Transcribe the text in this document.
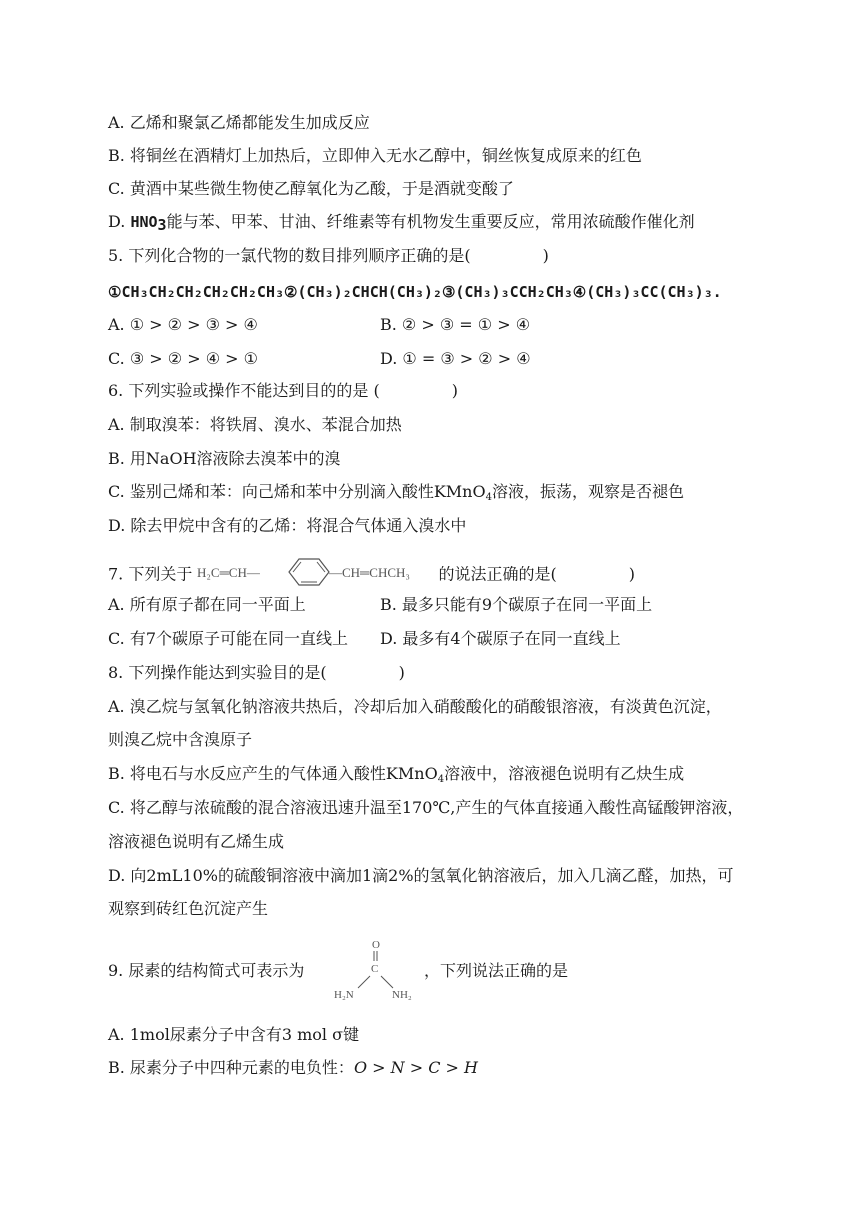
A. 乙烯和聚氯乙烯都能发生加成反应
B. 将铜丝在酒精灯上加热后，立即伸入无水乙醇中，铜丝恢复成原来的红色
C. 黄酒中某些微生物使乙醇氧化为乙酸，于是酒就变酸了
D. $HNO_3$能与苯、甲苯、甘油、纤维素等有机物发生重要反应，常用浓硫酸作催化剂
5. 下列化合物的一氯代物的数目排列顺序正确的是(	)
①CH₃CH₂CH₂CH₂CH₂CH₃②(CH₃)₂CHCH(CH₃)₂③(CH₃)₃CCH₂CH₃④(CH₃)₃CC(CH₃)₃.
A. ① > ② > ③ > ④	B. ② > ③ = ① > ④
C. ③ > ② > ④ > ①	D. ① = ③ > ② > ④
6. 下列实验或操作不能达到目的的是 (	)
A. 制取溴苯：将铁屑、溴水、苯混合加热
B. 用NaOH溶液除去溴苯中的溴
C. 鉴别己烯和苯：向己烯和苯中分别滴入酸性KMnO$_4$溶液，振荡，观察是否褪色
D. 除去甲烷中含有的乙烯：将混合气体通入溴水中
7. 下列关于 H₂C═CH—	—CH═CHCH₃ 的说法正确的是(	)
A. 所有原子都在同一平面上	B. 最多只能有9个碳原子在同一平面上
C. 有7个碳原子可能在同一直线上 D. 最多有4个碳原子在同一直线上
8. 下列操作能达到实验目的是(	)
A. 溴乙烷与氢氧化钠溶液共热后，冷却后加入硝酸酸化的硝酸银溶液，有淡黄色沉淀，
则溴乙烷中含溴原子
B. 将电石与水反应产生的气体通入酸性KMnO$_4$溶液中，溶液褪色说明有乙炔生成
C. 将乙醇与浓硫酸的混合溶液迅速升温至170℃,产生的气体直接通入酸性高锰酸钾溶液，
溶液褪色说明有乙烯生成
D. 向2mL10%的硫酸铜溶液中滴加1滴2%的氢氧化钠溶液后，加入几滴乙醛，加热，可
观察到砖红色沉淀产生
9. 尿素的结构简式可表示为
O
C
H₂N	NH₂
，下列说法正确的是
A. 1mol尿素分子中含有3 mol σ键
B. 尿素分子中四种元素的电负性：O > N > C > H
